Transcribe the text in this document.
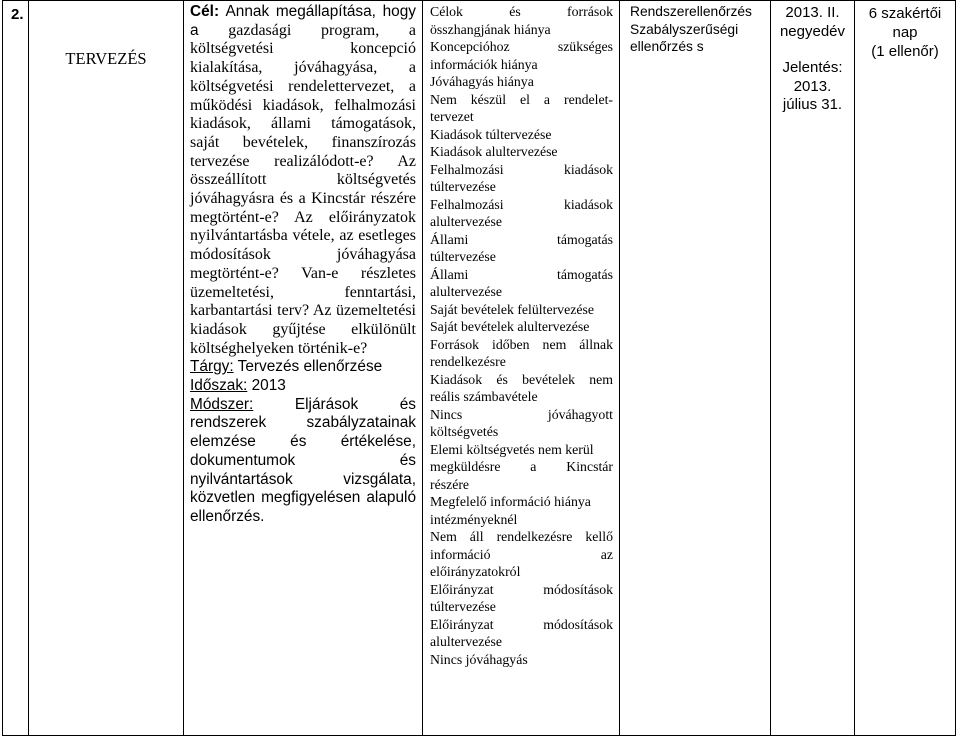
2.

TERVEZÉS

Cél: Annak megállapítása, hogy a gazdasági program, a költségvetési koncepció kialakítása, jóváhagyása, a költségvetési rendelettervezet, a működési kiadások, felhalmozási kiadások, állami támogatások, saját bevételek, finanszírozás tervezése realizálódott-e? Az összeállított költségvetés jóváhagyásra és a Kincstár részére megtörtént-e? Az előirányzatok nyilvántartásba vétele, az esetleges módosítások jóváhagyása megtörtént-e? Van-e részletes üzemeltetési, fenntartási, karbantartási terv? Az üzemeltetési kiadások gyűjtése elkülönült költséghelyeken történik-e?

Tárgy: Tervezés ellenőrzése

Időszak: 2013

Módszer:	Eljárások és rendszerek szabályzatainak elemzése és értékelése, dokumentumok és nyilvántartások vizsgálata, közvetlen megfigyelésen alapuló ellenőrzés.

Célok és források
összhangjának hiánya
Koncepcióhoz szükséges
információk hiánya
Jóváhagyás hiánya
Nem készül el a rendelet-
tervezet
Kiadások túltervezése
Kiadások alultervezése
Felhalmozási kiadások
túltervezése
Felhalmozási kiadások
alultervezése
Állami támogatás
túltervezése
Állami támogatás
alultervezése
Saját bevételek felültervezése
Saját bevételek alultervezése
Források időben nem állnak
rendelkezésre
Kiadások és bevételek nem
reális számbavétele
Nincs jóváhagyott
költségvetés
Elemi költségvetés nem kerül
megküldésre a Kincstár
részére
Megfelelő információ hiánya
intézményeknél
Nem áll rendelkezésre kellő
információ az
előirányzatokról
Előirányzat módosítások
túltervezése
Előirányzat módosítások
alultervezése
Nincs jóváhagyás

Rendszerellenőrzés
Szabályszerűségi
ellenőrzés s

2013. II.
negyedév
Jelentés:
2013.
július 31.

6 szakértői
nap
(1 ellenőr)
